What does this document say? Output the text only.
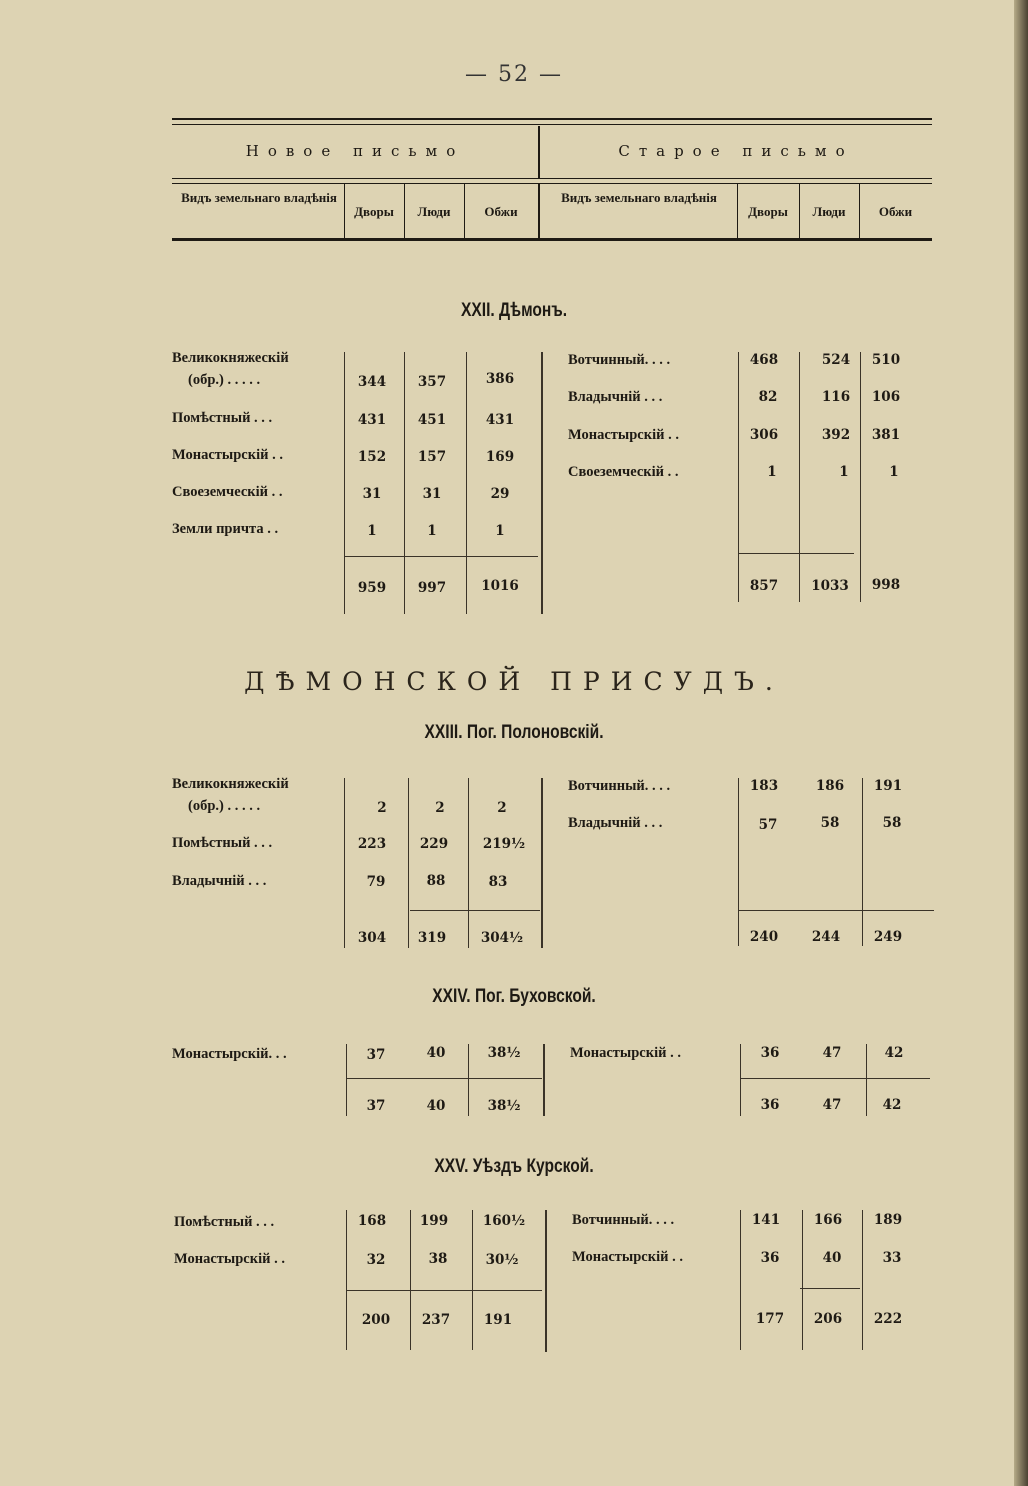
— 52 —
Новое письмо	Старое письмо
Видъ земельнаго владѣнія
Дворы	Люди	Обжи
Видъ земельнаго владѣнія
Дворы	Люди	Обжи
XXII. Дѣмонъ.
Великокняжескій
(обр.) . . . . .	344	357	386
Помѣстный . . .	431	451	431
Монастырскій . .	152	157	169
Своеземческій . .	31	31	29
Земли причта . .	1	1	1
959	997	1016
Вотчинный. . . .	468	524	510
Владычній . . .	82	116	106
Монастырскій . .	306	392	381
Своеземческій . .	1	1	1
857	1033	998
ДѢМОНСКОЙ ПРИСУДЪ.
XXIII. Пог. Полоновскій.
Великокняжескій
(обр.) . . . . .	2	2	2
Помѣстный . . .	223	229	219½
Владычній . . .	79	88	83
304	319	304½
Вотчинный. . . .	183	186	191
Владычній . . .	57	58	58
240	244	249
XXIV. Пог. Буховской.
Монастырскій. . .	37	40	38½
37	40	38½
Монастырскій . .	36	47	42
36	47	42
XXV. Уѣздъ Курской.
Помѣстный . . .	168	199	160½
Монастырскій . .	32	38	30½
200	237	191
Вотчинный. . . .	141	166	189
Монастырскій . .	36	40	33
177	206	222
